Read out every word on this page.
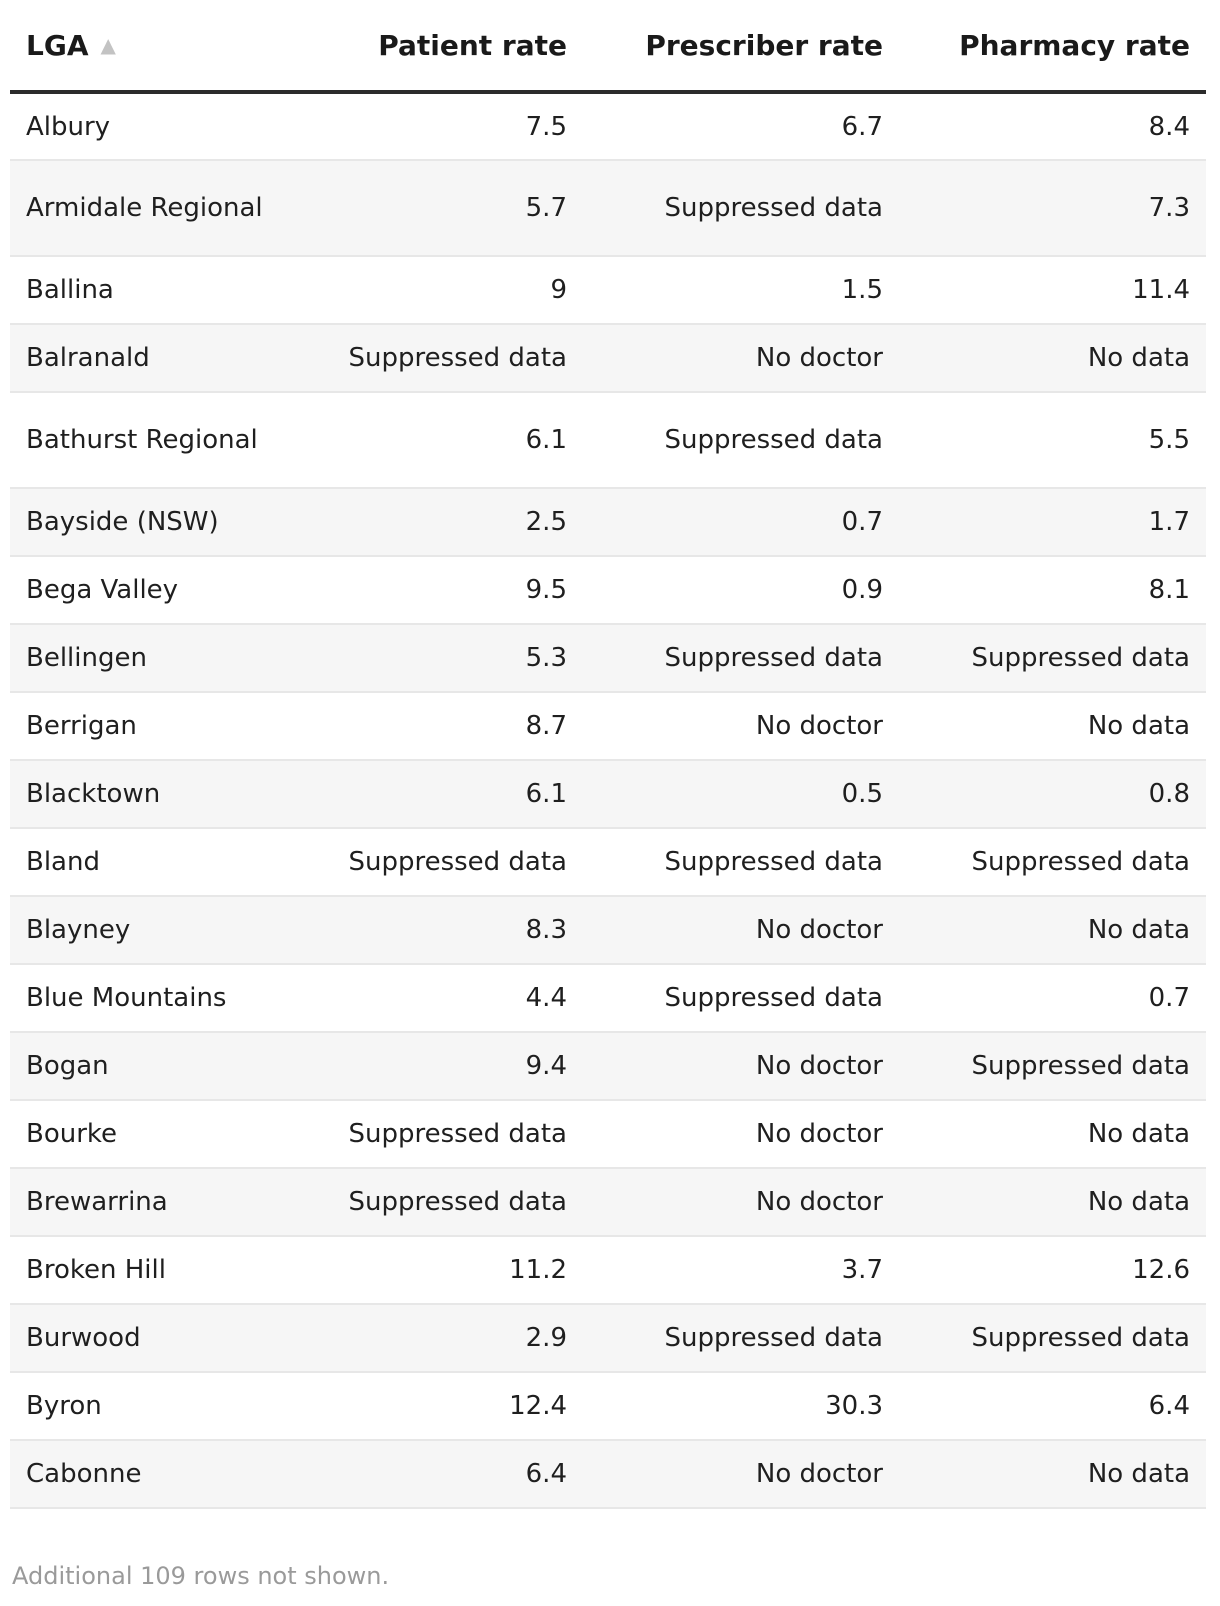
LGA ▲	Patient rate	Prescriber rate	Pharmacy rate
Albury	7.5	6.7	8.4
Armidale Regional	5.7	Suppressed data	7.3
Ballina	9	1.5	11.4
Balranald	Suppressed data	No doctor	No data
Bathurst Regional	6.1	Suppressed data	5.5
Bayside (NSW)	2.5	0.7	1.7
Bega Valley	9.5	0.9	8.1
Bellingen	5.3	Suppressed data	Suppressed data
Berrigan	8.7	No doctor	No data
Blacktown	6.1	0.5	0.8
Bland	Suppressed data	Suppressed data	Suppressed data
Blayney	8.3	No doctor	No data
Blue Mountains	4.4	Suppressed data	0.7
Bogan	9.4	No doctor	Suppressed data
Bourke	Suppressed data	No doctor	No data
Brewarrina	Suppressed data	No doctor	No data
Broken Hill	11.2	3.7	12.6
Burwood	2.9	Suppressed data	Suppressed data
Byron	12.4	30.3	6.4
Cabonne	6.4	No doctor	No data
Additional 109 rows not shown.
